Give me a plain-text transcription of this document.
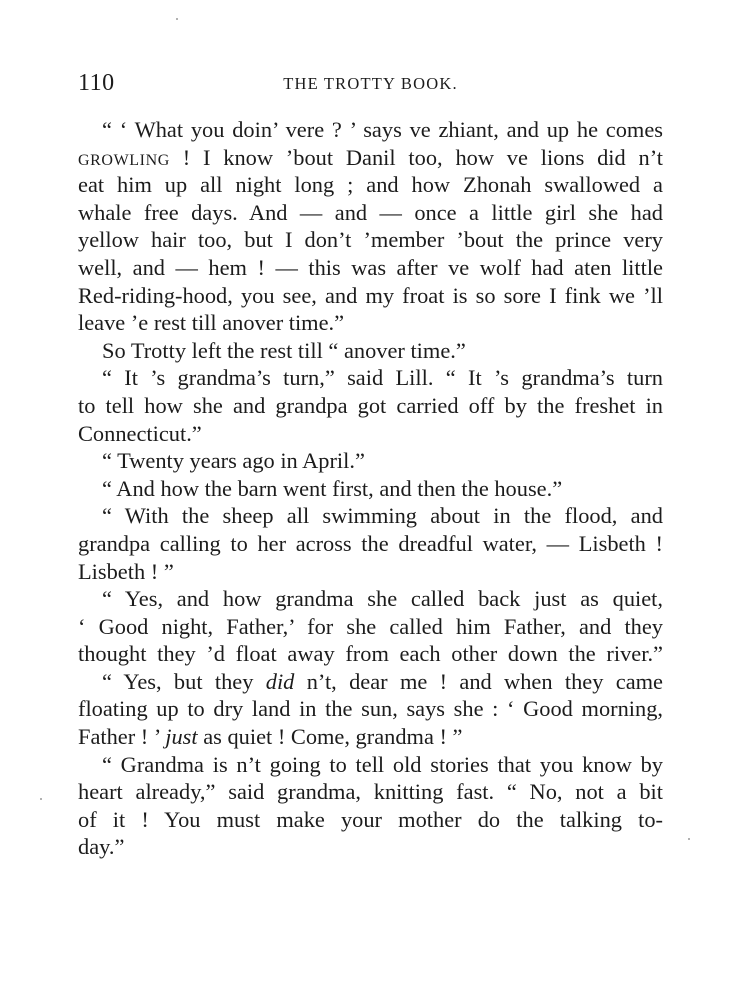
110	THE TROTTY BOOK.
“ ‘ What you doin’ vere ? ’ says ve zhiant, and up he comes
growling ! I know ’bout Danil too, how ve lions did n’t
eat him up all night long ; and how Zhonah swallowed a
whale free days. And — and — once a little girl she had
yellow hair too, but I don’t ’member ’bout the prince very
well, and — hem ! — this was after ve wolf had aten little
Red-riding-hood, you see, and my froat is so sore I fink we ’ll
leave ’e rest till anover time.”
So Trotty left the rest till “ anover time.”
“ It ’s grandma’s turn,” said Lill. “ It ’s grandma’s turn
to tell how she and grandpa got carried off by the freshet in
Connecticut.”
“ Twenty years ago in April.”
“ And how the barn went first, and then the house.”
“ With the sheep all swimming about in the flood, and
grandpa calling to her across the dreadful water, — Lisbeth !
Lisbeth ! ”
“ Yes, and how grandma she called back just as quiet,
‘ Good night, Father,’ for she called him Father, and they
thought they ’d float away from each other down the river.”
“ Yes, but they did n’t, dear me ! and when they came
floating up to dry land in the sun, says she : ‘ Good morning,
Father ! ’ just as quiet ! Come, grandma ! ”
“ Grandma is n’t going to tell old stories that you know by
heart already,” said grandma, knitting fast. “ No, not a bit
of it ! You must make your mother do the talking to-
day.”
